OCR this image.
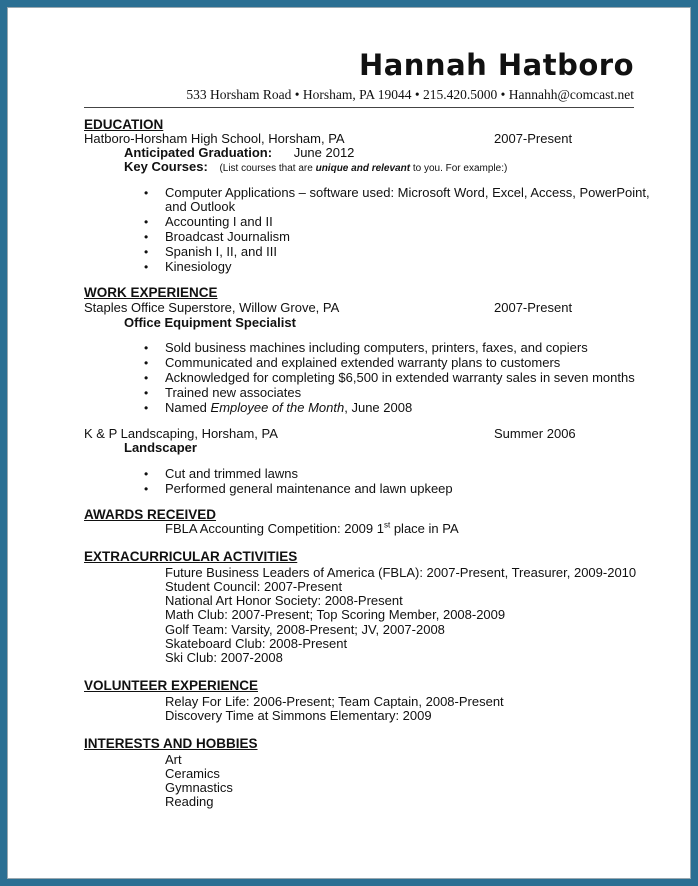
Hannah Hatboro
533 Horsham Road • Horsham, PA 19044 • 215.420.5000 • Hannahh@comcast.net
EDUCATION
Hatboro-Horsham High School, Horsham, PA	2007-Present
Anticipated Graduation: June 2012
Key Courses: (List courses that are unique and relevant to you. For example:)
• Computer Applications – software used: Microsoft Word, Excel, Access, PowerPoint,
and Outlook
• Accounting I and II
• Broadcast Journalism
• Spanish I, II, and III
• Kinesiology
WORK EXPERIENCE
Staples Office Superstore, Willow Grove, PA	2007-Present
Office Equipment Specialist
• Sold business machines including computers, printers, faxes, and copiers
• Communicated and explained extended warranty plans to customers
• Acknowledged for completing $6,500 in extended warranty sales in seven months
• Trained new associates
• Named Employee of the Month, June 2008
K & P Landscaping, Horsham, PA	Summer 2006
Landscaper
• Cut and trimmed lawns
• Performed general maintenance and lawn upkeep
AWARDS RECEIVED
FBLA Accounting Competition: 2009 1st place in PA
EXTRACURRICULAR ACTIVITIES
Future Business Leaders of America (FBLA): 2007-Present, Treasurer, 2009-2010
Student Council: 2007-Present
National Art Honor Society: 2008-Present
Math Club: 2007-Present; Top Scoring Member, 2008-2009
Golf Team: Varsity, 2008-Present; JV, 2007-2008
Skateboard Club: 2008-Present
Ski Club: 2007-2008
VOLUNTEER EXPERIENCE
Relay For Life: 2006-Present; Team Captain, 2008-Present
Discovery Time at Simmons Elementary: 2009
INTERESTS AND HOBBIES
Art
Ceramics
Gymnastics
Reading
